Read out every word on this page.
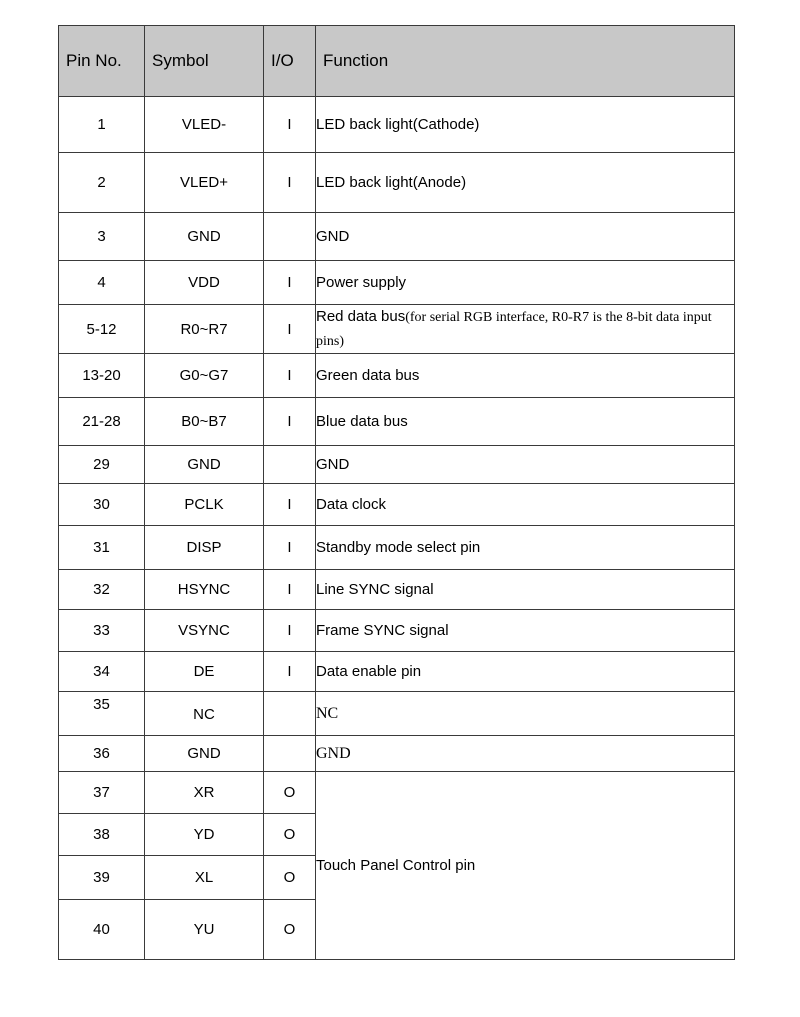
Pin No.	Symbol	I/O	Function
1	VLED-	I	LED back light(Cathode)
2	VLED+	I	LED back light(Anode)
3	GND		GND
4	VDD	I	Power supply
5-12	R0~R7	I	Red data bus(for serial RGB interface, R0-R7 is the 8-bit data input pins)
13-20	G0~G7	I	Green data bus
21-28	B0~B7	I	Blue data bus
29	GND		GND
30	PCLK	I	Data clock
31	DISP	I	Standby mode select pin
32	HSYNC	I	Line SYNC signal
33	VSYNC	I	Frame SYNC signal
34	DE	I	Data enable pin
35	NC		NC
36	GND		GND
37	XR	O	Touch Panel Control pin
38	YD	O	
39	XL	O	
40	YU	O	
